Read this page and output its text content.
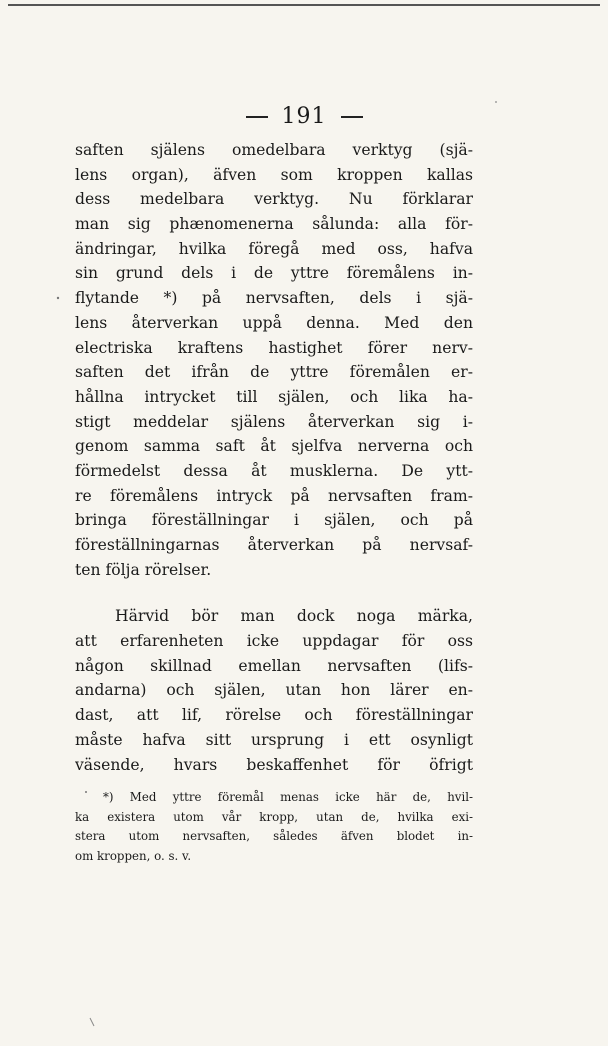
191
saften själens omedelbara verktyg (sjä-
lens organ), äfven som kroppen kallas
dess medelbara verktyg. Nu förklarar
man sig phænomenerna sålunda: alla för-
ändringar, hvilka föregå med oss, hafva
sin grund dels i de yttre föremålens in-
flytande *) på nervsaften, dels i sjä-
lens återverkan uppå denna. Med den
electriska kraftens hastighet förer nerv-
saften det ifrån de yttre föremålen er-
hållna intrycket till själen, och lika ha-
stigt meddelar själens återverkan sig i-
genom samma saft åt sjelfva nerverna och
förmedelst dessa åt musklerna. De ytt-
re föremålens intryck på nervsaften fram-
bringa föreställningar i själen, och på
föreställningarnas återverkan på nervsaf-
ten följa rörelser.
Härvid bör man dock noga märka,
att erfarenheten icke uppdagar för oss
någon skillnad emellan nervsaften (lifs-
andarna) och själen, utan hon lärer en-
dast, att lif, rörelse och föreställningar
måste hafva sitt ursprung i ett osynligt
väsende, hvars beskaffenhet för öfrigt
*) Med yttre föremål menas icke här de, hvil-
ka existera utom vår kropp, utan de, hvilka exi-
stera utom nervsaften, således äfven blodet in-
om kroppen, o. s. v.
